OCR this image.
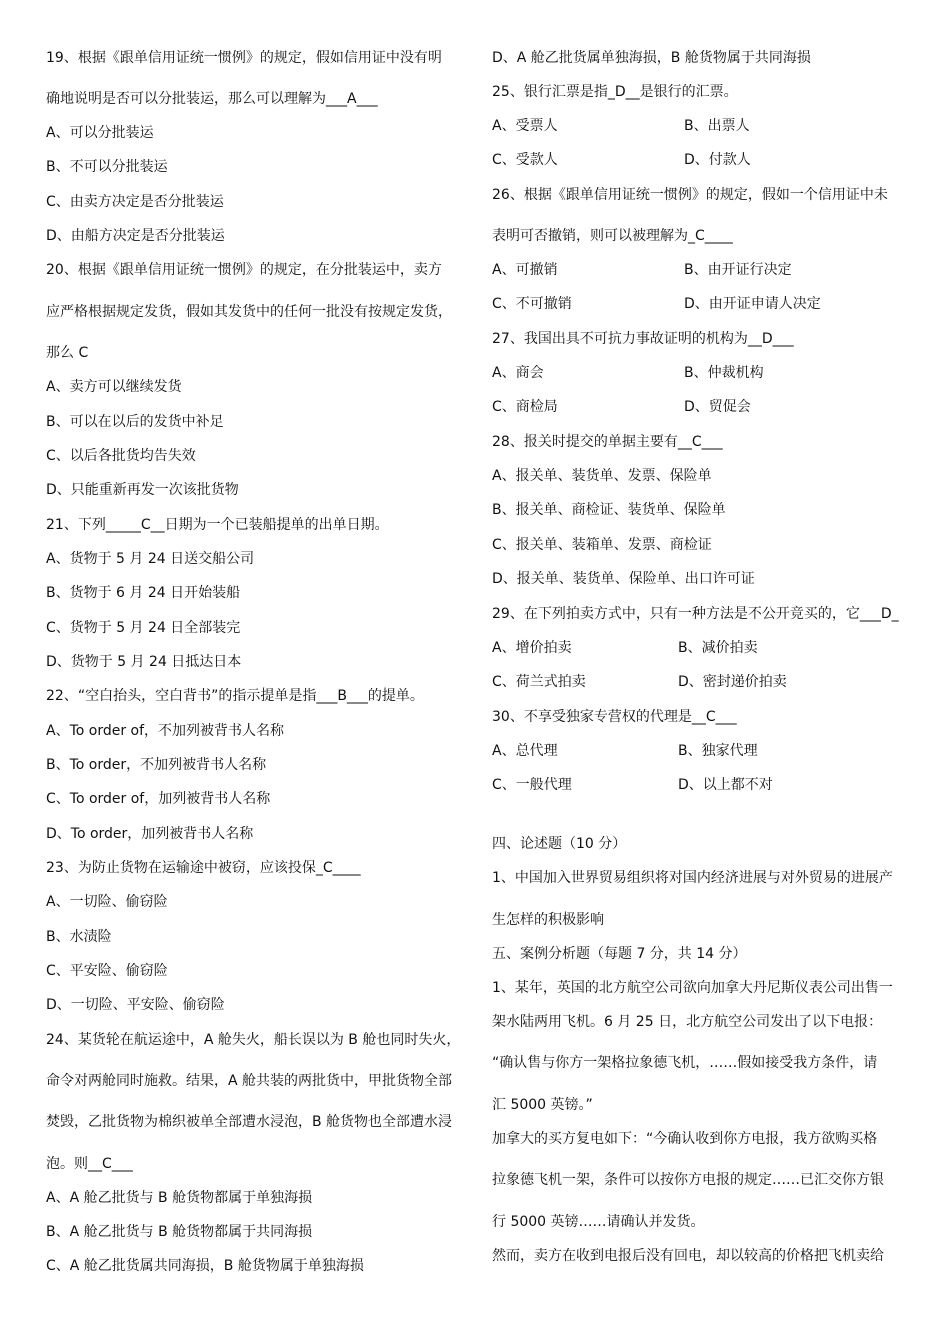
19、根据《跟单信用证统一惯例》的规定，假如信用证中没有明
确地说明是否可以分批装运，那么可以理解为___A___
A、可以分批装运
B、不可以分批装运
C、由卖方决定是否分批装运
D、由船方决定是否分批装运
20、根据《跟单信用证统一惯例》的规定，在分批装运中，卖方
应严格根据规定发货，假如其发货中的任何一批没有按规定发货，
那么 C
A、卖方可以继续发货
B、可以在以后的发货中补足
C、以后各批货均告失效
D、只能重新再发一次该批货物
21、下列_____C__日期为一个已装船提单的出单日期。
A、货物于 5 月 24 日送交船公司
B、货物于 6 月 24 日开始装船
C、货物于 5 月 24 日全部装完
D、货物于 5 月 24 日抵达日本
22、“空白抬头，空白背书”的指示提单是指___B___的提单。
A、To order of，不加列被背书人名称
B、To order，不加列被背书人名称
C、To order of，加列被背书人名称
D、To order，加列被背书人名称
23、为防止货物在运输途中被窃，应该投保_C____
A、一切险、偷窃险
B、水渍险
C、平安险、偷窃险
D、一切险、平安险、偷窃险
24、某货轮在航运途中，A 舱失火，船长误以为 B 舱也同时失火，
命令对两舱同时施救。结果，A 舱共装的两批货中，甲批货物全部
焚毁，乙批货物为棉织被单全部遭水浸泡，B 舱货物也全部遭水浸
泡。则__C___
A、A 舱乙批货与 B 舱货物都属于单独海损
B、A 舱乙批货与 B 舱货物都属于共同海损
C、A 舱乙批货属共同海损，B 舱货物属于单独海损
D、A 舱乙批货属单独海损，B 舱货物属于共同海损
25、银行汇票是指_D__是银行的汇票。
A、受票人	B、出票人
C、受款人	D、付款人
26、根据《跟单信用证统一惯例》的规定，假如一个信用证中未
表明可否撤销，则可以被理解为_C____
A、可撤销	B、由开证行决定
C、不可撤销	D、由开证申请人决定
27、我国出具不可抗力事故证明的机构为__D___
A、商会	B、仲裁机构
C、商检局	D、贸促会
28、报关时提交的单据主要有__C___
A、报关单、装货单、发票、保险单
B、报关单、商检证、装货单、保险单
C、报关单、装箱单、发票、商检证
D、报关单、装货单、保险单、出口许可证
29、在下列拍卖方式中，只有一种方法是不公开竞买的，它___D_
A、增价拍卖	B、减价拍卖
C、荷兰式拍卖	D、密封递价拍卖
30、不享受独家专营权的代理是__C___
A、总代理	B、独家代理
C、一般代理	D、以上都不对
四、论述题（10 分）
1、中国加入世界贸易组织将对国内经济进展与对外贸易的进展产
生怎样的积极影响
五、案例分析题（每题 7 分，共 14 分）
1、某年，英国的北方航空公司欲向加拿大丹尼斯仪表公司出售一
架水陆两用飞机。6 月 25 日，北方航空公司发出了以下电报：
“确认售与你方一架格拉象德飞机，……假如接受我方条件，请
汇 5000 英镑。”
加拿大的买方复电如下：“今确认收到你方电报，我方欲购买格
拉象德飞机一架，条件可以按你方电报的规定……已汇交你方银
行 5000 英镑……请确认并发货。
然而，卖方在收到电报后没有回电，却以较高的价格把飞机卖给
